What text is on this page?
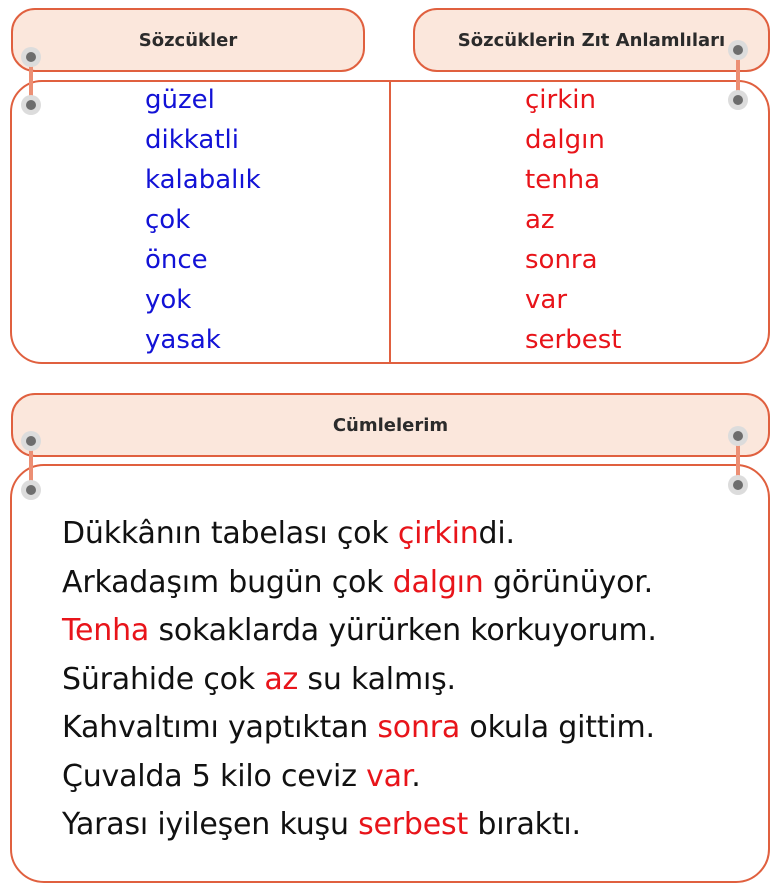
Sözcükler	Sözcüklerin Zıt Anlamlıları
güzel
dikkatli
kalabalık
çok
önce
yok
yasak
çirkin
dalgın
tenha
az
sonra
var
serbest
Cümlelerim
Dükkânın tabelası çok çirkindi.
Arkadaşım bugün çok dalgın görünüyor.
Tenha sokaklarda yürürken korkuyorum.
Sürahide çok az su kalmış.
Kahvaltımı yaptıktan sonra okula gittim.
Çuvalda 5 kilo ceviz var.
Yarası iyileşen kuşu serbest bıraktı.
